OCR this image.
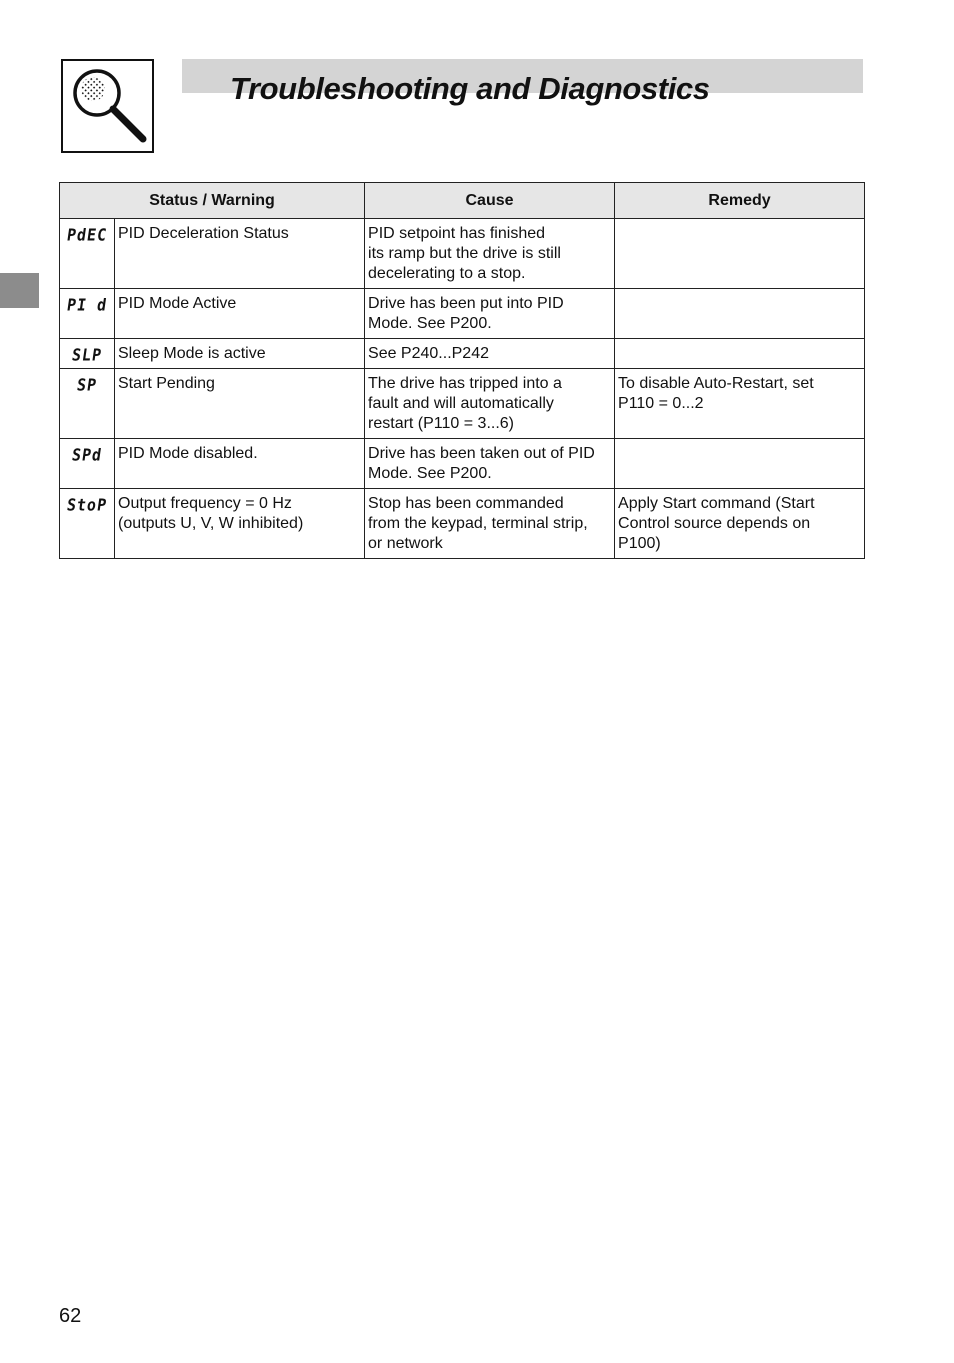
Troubleshooting and Diagnostics
Status / Warning		Cause	Remedy
PdEC	PID Deceleration Status	PID setpoint has finished
its ramp but the drive is still
decelerating to a stop.	

PI d	PID Mode Active	Drive has been put into PID
Mode. See P200.	

SLP	Sleep Mode is active	See P240...P242	

SP	Start Pending	The drive has tripped into a
fault and will automatically
restart (P110 = 3...6)	To disable Auto-Restart, set
P110 = 0...2

SPd	PID Mode disabled.	Drive has been taken out of PID
Mode. See P200.	

StoP	Output frequency = 0 Hz
(outputs U, V, W inhibited)	Stop has been commanded
from the keypad, terminal strip,
or network	Apply Start command (Start
Control source depends on
P100)
62
